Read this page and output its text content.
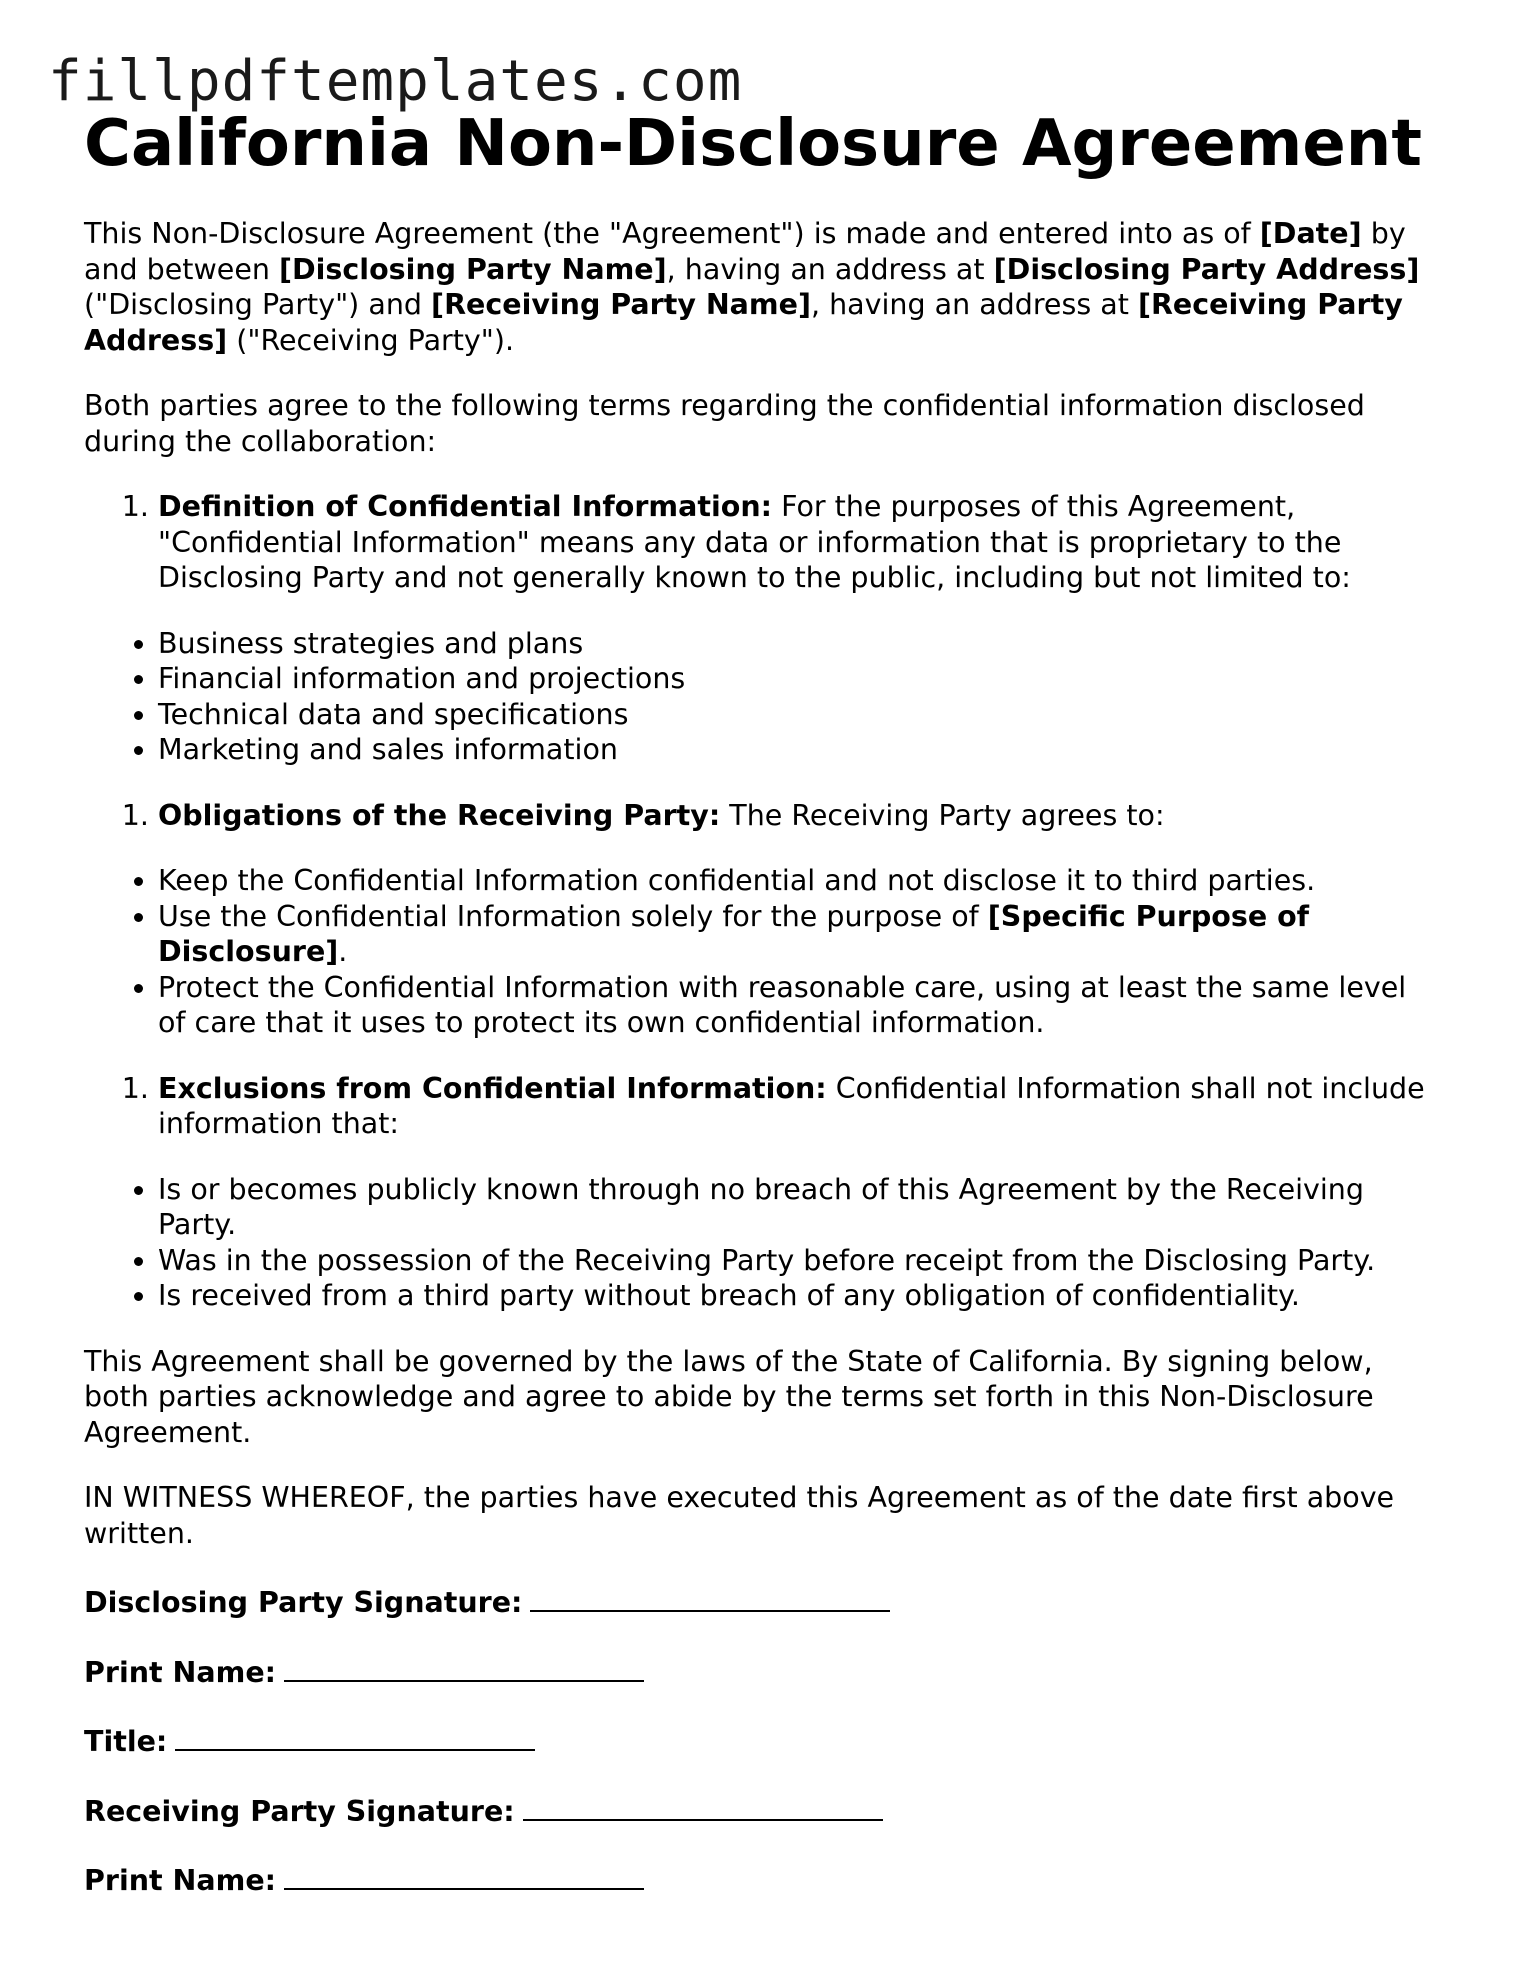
fillpdftemplates.com
California Non-Disclosure Agreement

This Non-Disclosure Agreement (the "Agreement") is made and entered into as of [Date] by and between [Disclosing Party Name], having an address at [Disclosing Party Address] ("Disclosing Party") and [Receiving Party Name], having an address at [Receiving Party Address] ("Receiving Party").

Both parties agree to the following terms regarding the confidential information disclosed during the collaboration:

1. Definition of Confidential Information: For the purposes of this Agreement, "Confidential Information" means any data or information that is proprietary to the Disclosing Party and not generally known to the public, including but not limited to:
• Business strategies and plans
• Financial information and projections
• Technical data and specifications
• Marketing and sales information
1. Obligations of the Receiving Party: The Receiving Party agrees to:
• Keep the Confidential Information confidential and not disclose it to third parties.
• Use the Confidential Information solely for the purpose of [Specific Purpose of Disclosure].
• Protect the Confidential Information with reasonable care, using at least the same level of care that it uses to protect its own confidential information.
1. Exclusions from Confidential Information: Confidential Information shall not include information that:
• Is or becomes publicly known through no breach of this Agreement by the Receiving Party.
• Was in the possession of the Receiving Party before receipt from the Disclosing Party.
• Is received from a third party without breach of any obligation of confidentiality.

This Agreement shall be governed by the laws of the State of California. By signing below, both parties acknowledge and agree to abide by the terms set forth in this Non-Disclosure Agreement.

IN WITNESS WHEREOF, the parties have executed this Agreement as of the date first above written.

Disclosing Party Signature:

Print Name:

Title:

Receiving Party Signature:

Print Name:
